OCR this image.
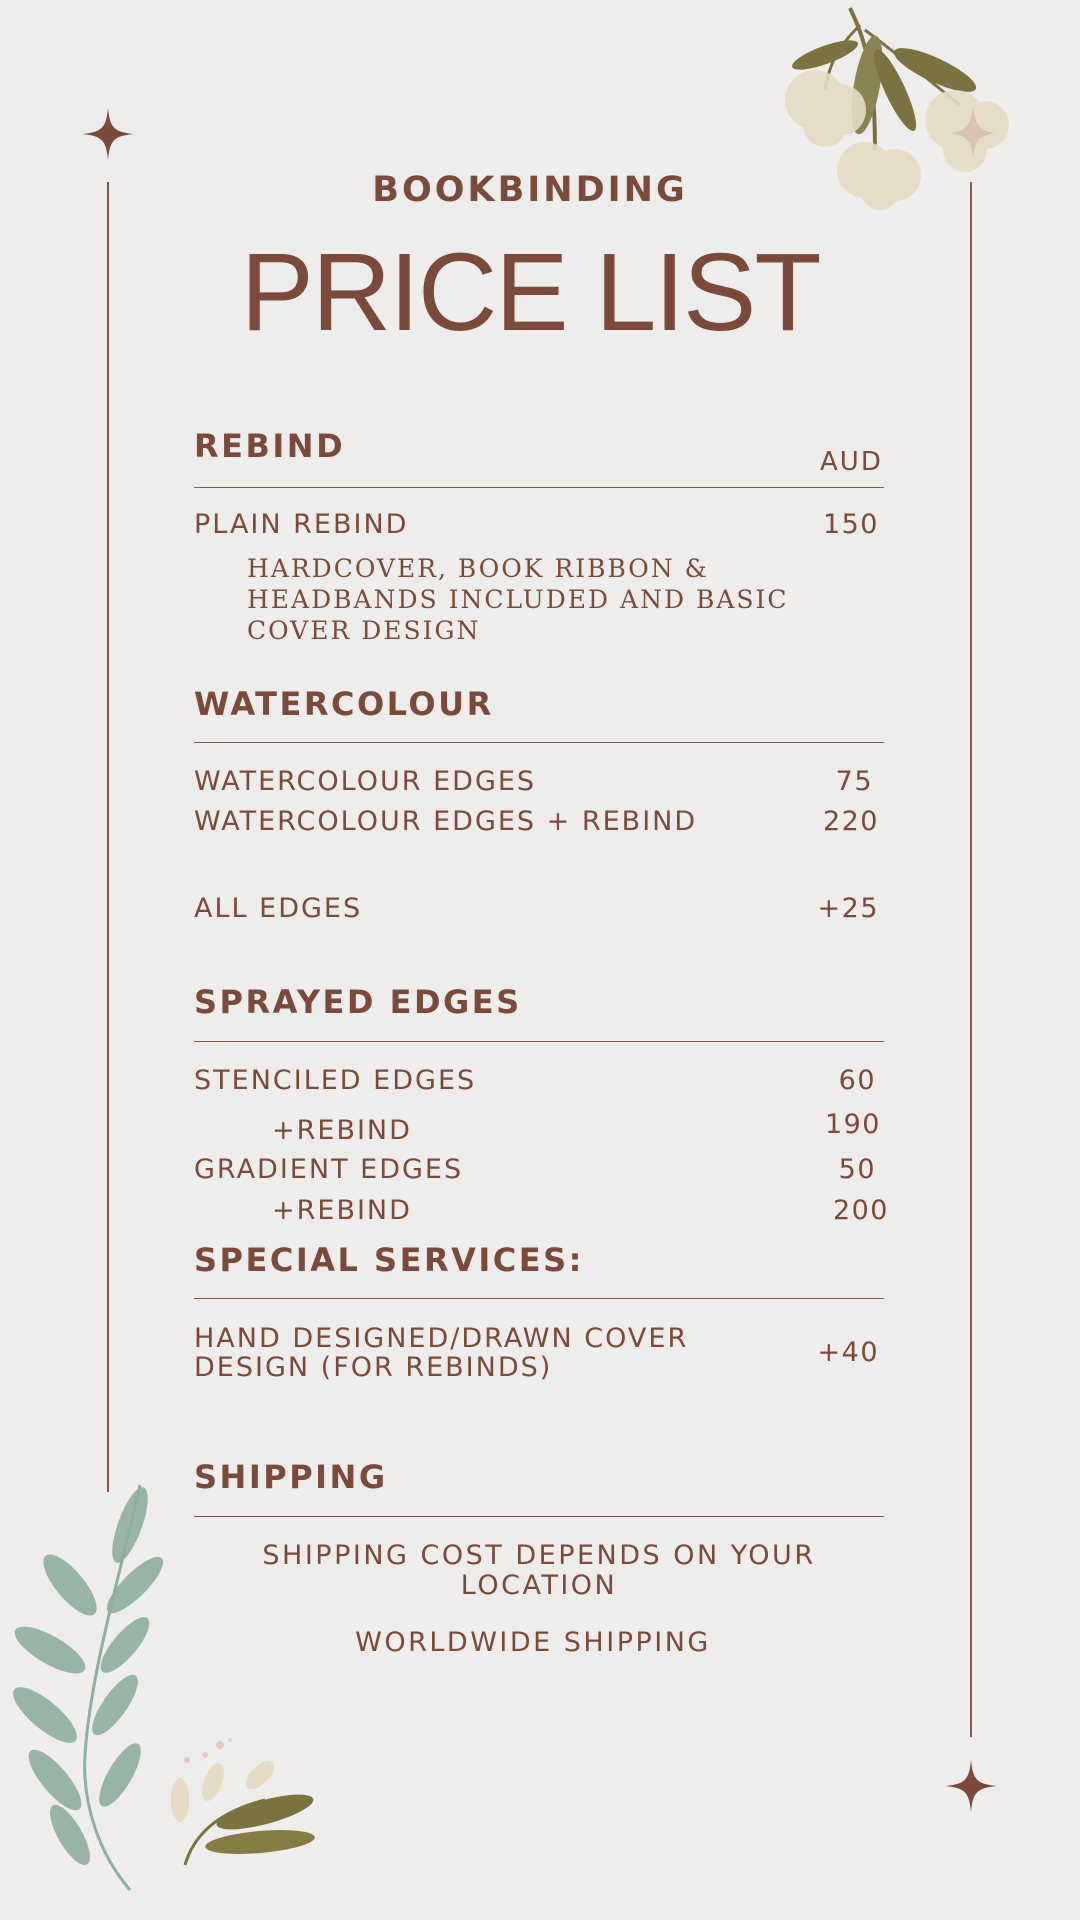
BOOKBINDING
PRICE LIST
REBIND	AUD
PLAIN REBIND	150
HARDCOVER, BOOK RIBBON &
HEADBANDS INCLUDED AND BASIC
COVER DESIGN
WATERCOLOUR
WATERCOLOUR EDGES	75
WATERCOLOUR EDGES + REBIND	220
ALL EDGES	+25
SPRAYED EDGES
STENCILED EDGES	60
+REBIND	190
GRADIENT EDGES	50
+REBIND	200
SPECIAL SERVICES:
HAND DESIGNED/DRAWN COVER
DESIGN (FOR REBINDS)	+40
SHIPPING
SHIPPING COST DEPENDS ON YOUR
LOCATION
WORLDWIDE SHIPPING
